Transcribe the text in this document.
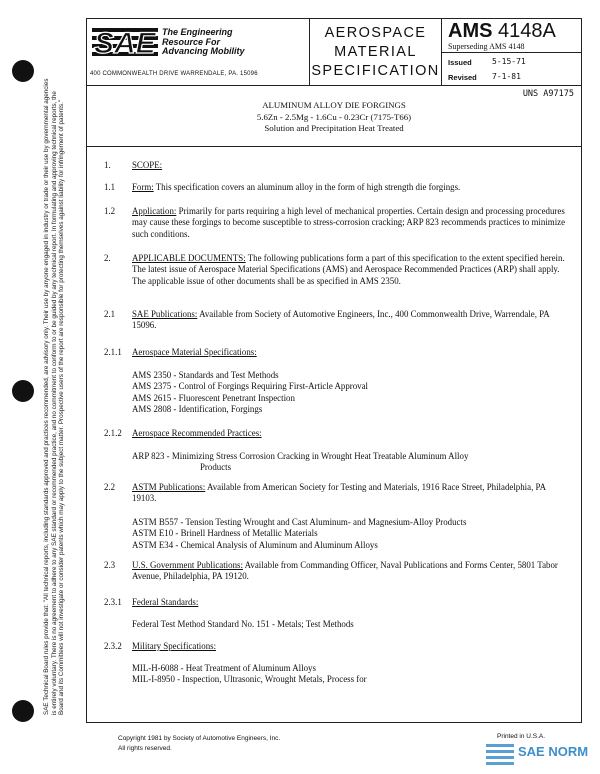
SAE Technical Board rules provide that: "All technical reports, including standards approved and practices recommended, are advisory only. Their use by anyone engaged in industry or trade or their use by governmental agencies is entirely voluntary. There is no agreement to adhere to any SAE standard or recommended practice, and no commitment to conform to or be guided by any technical report. In formulating and approving technical reports, the Board and its Committees will not investigate or consider patents which may apply to the subject matter. Prospective users of the report are responsible for protecting themselves against liability for infringement of patents."
SAE The Engineering
Resource For
Advancing Mobility
400 COMMONWEALTH DRIVE WARRENDALE, PA. 15096
AEROSPACE
MATERIAL
SPECIFICATION
AMS 4148A
Superseding AMS 4148
Issued	5-15-71
Revised 7-1-81
UNS A97175
ALUMINUM ALLOY DIE FORGINGS
5.6Zn - 2.5Mg - 1.6Cu - 0.23Cr (7175-T66)
Solution and Precipitation Heat Treated
1. SCOPE:
1.1 Form: This specification covers an aluminum alloy in the form of high strength die forgings.
1.2 Application: Primarily for parts requiring a high level of mechanical properties. Certain design and processing procedures may cause these forgings to become susceptible to stress-corrosion cracking; ARP 823 recommends practices to minimize such conditions.
2. APPLICABLE DOCUMENTS: The following publications form a part of this specification to the extent specified herein. The latest issue of Aerospace Material Specifications (AMS) and Aerospace Recommended Practices (ARP) shall apply. The applicable issue of other documents shall be as specified in AMS 2350.
2.1 SAE Publications: Available from Society of Automotive Engineers, Inc., 400 Commonwealth Drive, Warrendale, PA 15096.
2.1.1 Aerospace Material Specifications:
AMS 2350 - Standards and Test Methods
AMS 2375 - Control of Forgings Requiring First-Article Approval
AMS 2615 - Fluorescent Penetrant Inspection
AMS 2808 - Identification, Forgings
2.1.2 Aerospace Recommended Practices:
ARP 823 - Minimizing Stress Corrosion Cracking in Wrought Heat Treatable Aluminum Alloy
Products
2.2 ASTM Publications: Available from American Society for Testing and Materials, 1916 Race Street, Philadelphia, PA 19103.
ASTM B557 - Tension Testing Wrought and Cast Aluminum- and Magnesium-Alloy Products
ASTM E10 - Brinell Hardness of Metallic Materials
ASTM E34 - Chemical Analysis of Aluminum and Aluminum Alloys
2.3 U.S. Government Publications: Available from Commanding Officer, Naval Publications and Forms Center, 5801 Tabor Avenue, Philadelphia, PA 19120.
2.3.1 Federal Standards:
Federal Test Method Standard No. 151 - Metals; Test Methods
2.3.2 Military Specifications:
MIL-H-6088 - Heat Treatment of Aluminum Alloys
MIL-I-8950 - Inspection, Ultrasonic, Wrought Metals, Process for
Copyright 1981 by Society of Automotive Engineers, Inc.
All rights reserved.
Printed in U.S.A.
SAE NORM
